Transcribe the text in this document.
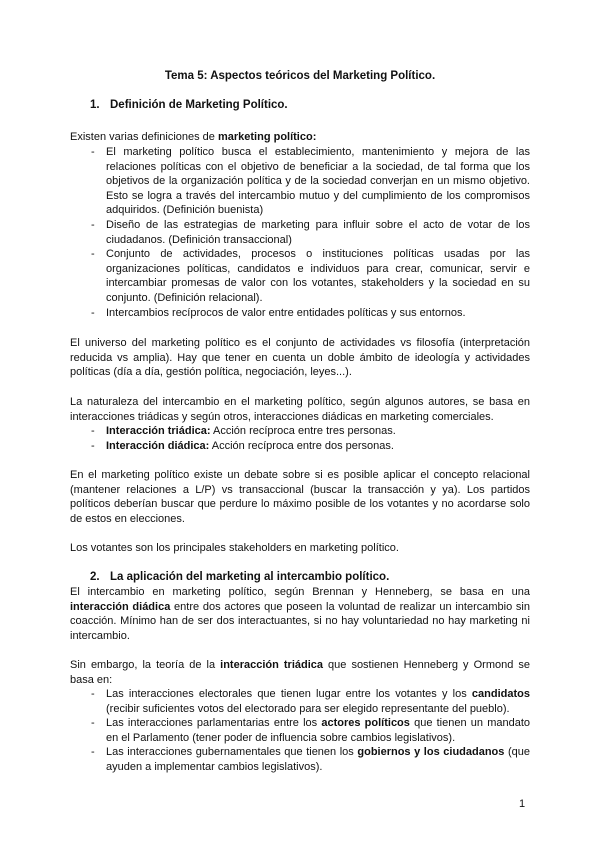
Tema 5: Aspectos teóricos del Marketing Político.
1. Definición de Marketing Político.

Existen varias definiciones de marketing político:

- El marketing político busca el establecimiento, mantenimiento y mejora de las relaciones políticas con el objetivo de beneficiar a la sociedad, de tal forma que los objetivos de la organización política y de la sociedad converjan en un mismo objetivo. Esto se logra a través del intercambio mutuo y del cumplimiento de los compromisos adquiridos. (Definición buenista)
- Diseño de las estrategias de marketing para influir sobre el acto de votar de los ciudadanos. (Definición transaccional)
- Conjunto de actividades, procesos o instituciones políticas usadas por las organizaciones políticas, candidatos e individuos para crear, comunicar, servir e intercambiar promesas de valor con los votantes, stakeholders y la sociedad en su conjunto. (Definición relacional).
- Intercambios recíprocos de valor entre entidades políticas y sus entornos.

El universo del marketing político es el conjunto de actividades vs filosofía (interpretación reducida vs amplia). Hay que tener en cuenta un doble ámbito de ideología y actividades políticas (día a día, gestión política, negociación, leyes...).

La naturaleza del intercambio en el marketing político, según algunos autores, se basa en interacciones triádicas y según otros, interacciones diádicas en marketing comerciales.

- Interacción triádica: Acción recíproca entre tres personas.
- Interacción diádica: Acción recíproca entre dos personas.

En el marketing político existe un debate sobre si es posible aplicar el concepto relacional (mantener relaciones a L/P) vs transaccional (buscar la transacción y ya). Los partidos políticos deberían buscar que perdure lo máximo posible de los votantes y no acordarse solo de estos en elecciones.

Los votantes son los principales stakeholders en marketing político.

2. La aplicación del marketing al intercambio político.

El intercambio en marketing político, según Brennan y Henneberg, se basa en una interacción diádica entre dos actores que poseen la voluntad de realizar un intercambio sin coacción. Mínimo han de ser dos interactuantes, si no hay voluntariedad no hay marketing ni intercambio.

Sin embargo, la teoría de la interacción triádica que sostienen Henneberg y Ormond se basa en:

- Las interacciones electorales que tienen lugar entre los votantes y los candidatos (recibir suficientes votos del electorado para ser elegido representante del pueblo).
- Las interacciones parlamentarias entre los actores políticos que tienen un mandato en el Parlamento (tener poder de influencia sobre cambios legislativos).
- Las interacciones gubernamentales que tienen los gobiernos y los ciudadanos (que ayuden a implementar cambios legislativos).
1
